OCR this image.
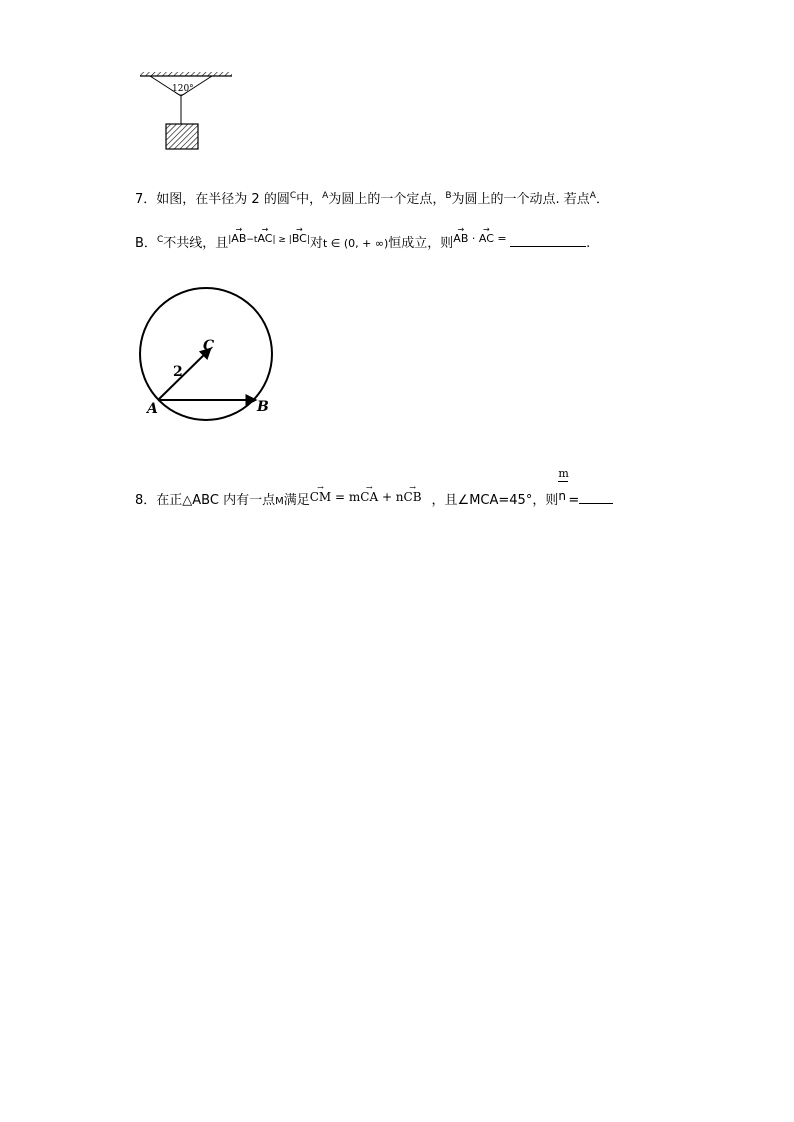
120°
7．如图，在半径为 2 的圆$^C$中，$^A$为圆上的一个定点，$^B$为圆上的一个动点. 若点$^A$．
B．$^C$不共线，且$^|\to AB^{-t}\to AC^|$ ≥ |→ BC|对t ∈ (0, + ∞)恒成立，则→ AB · → AC =	.
A	B
C
2
8．在正△ABC 内有一点M满足→ CM = m→ CA + n→ CB ，且∠MCA=45°，则 $\frac{m}{n}$ =
